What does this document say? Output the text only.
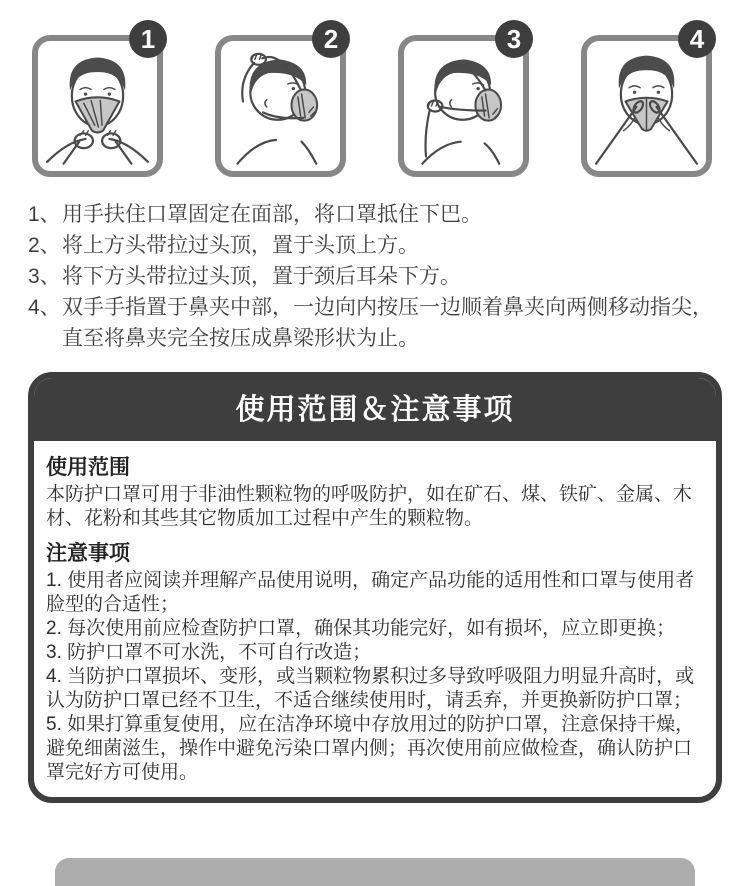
1	2	3	4
1、 用手扶住口罩固定在面部，将口罩抵住下巴。
2、 将上方头带拉过头顶，置于头顶上方。
3、 将下方头带拉过头顶，置于颈后耳朵下方。
4、 双手手指置于鼻夹中部，一边向内按压一边顺着鼻夹向两侧移动指尖，直至将鼻夹完全按压成鼻梁形状为止。
使用范围＆注意事项
使用范围

本防护口罩可用于非油性颗粒物的呼吸防护，如在矿石、煤、铁矿、金属、木材、花粉和其些其它物质加工过程中产生的颗粒物。

注意事项

1. 使用者应阅读并理解产品使用说明，确定产品功能的适用性和口罩与使用者脸型的合适性；

2. 每次使用前应检查防护口罩，确保其功能完好，如有损坏，应立即更换；

3. 防护口罩不可水洗，不可自行改造；

4. 当防护口罩损坏、变形，或当颗粒物累积过多导致呼吸阻力明显升高时，或认为防护口罩已经不卫生，不适合继续使用时，请丢弃，并更换新防护口罩；

5. 如果打算重复使用，应在洁净环境中存放用过的防护口罩，注意保持干燥，避免细菌滋生，操作中避免污染口罩内侧；再次使用前应做检查，确认防护口罩完好方可使用。
